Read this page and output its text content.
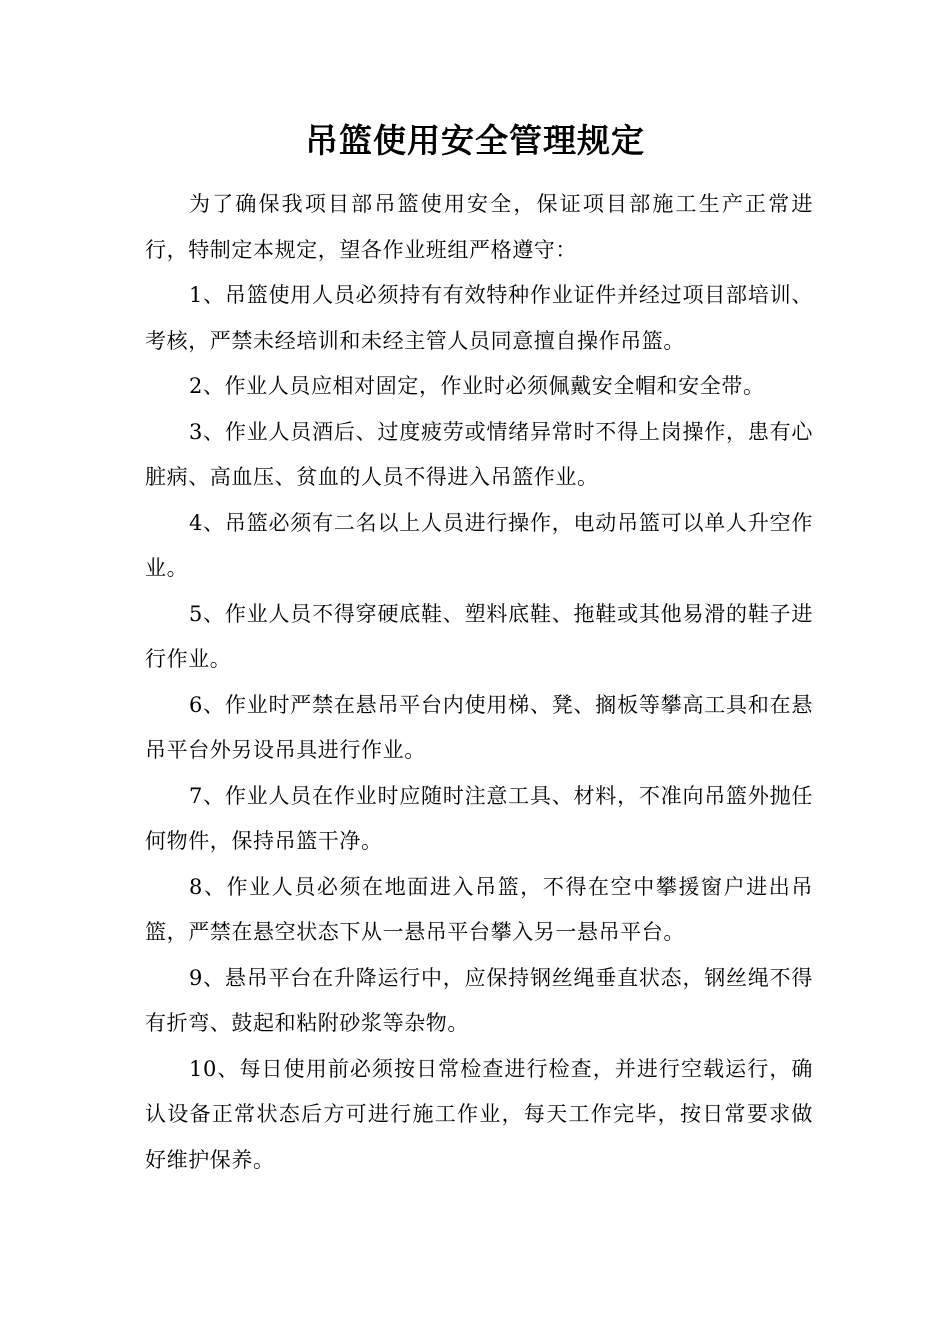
吊篮使用安全管理规定

为了确保我项目部吊篮使用安全，保证项目部施工生产正常进行，特制定本规定，望各作业班组严格遵守：

1、吊篮使用人员必须持有有效特种作业证件并经过项目部培训、考核，严禁未经培训和未经主管人员同意擅自操作吊篮。

2、作业人员应相对固定，作业时必须佩戴安全帽和安全带。

3、作业人员酒后、过度疲劳或情绪异常时不得上岗操作，患有心脏病、高血压、贫血的人员不得进入吊篮作业。

4、吊篮必须有二名以上人员进行操作，电动吊篮可以单人升空作业。

5、作业人员不得穿硬底鞋、塑料底鞋、拖鞋或其他易滑的鞋子进行作业。

6、作业时严禁在悬吊平台内使用梯、凳、搁板等攀高工具和在悬吊平台外另设吊具进行作业。

7、作业人员在作业时应随时注意工具、材料，不准向吊篮外抛任何物件，保持吊篮干净。

8、作业人员必须在地面进入吊篮，不得在空中攀援窗户进出吊篮，严禁在悬空状态下从一悬吊平台攀入另一悬吊平台。

9、悬吊平台在升降运行中，应保持钢丝绳垂直状态，钢丝绳不得有折弯、鼓起和粘附砂浆等杂物。

10、每日使用前必须按日常检查进行检查，并进行空载运行，确认设备正常状态后方可进行施工作业，每天工作完毕，按日常要求做好维护保养。
